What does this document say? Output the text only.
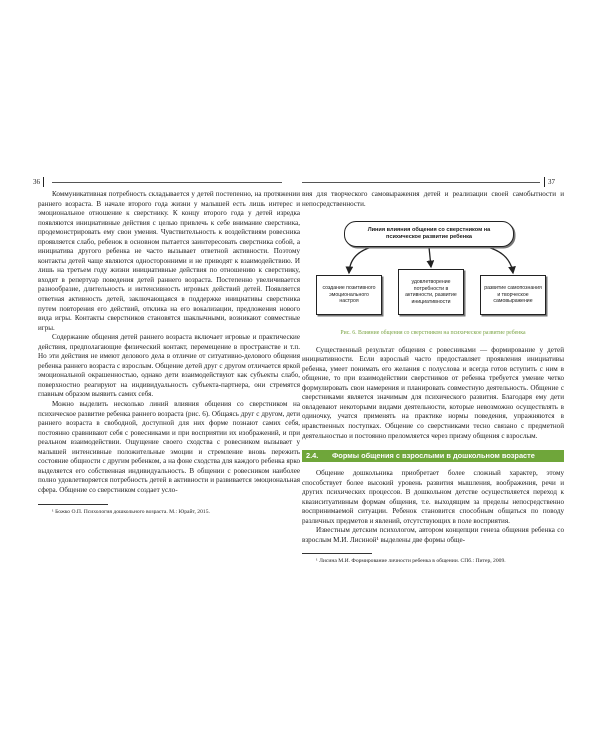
36	37

Коммуникативная потребность складывается у детей постепенно, на протяжении раннего возраста. В начале второго года жизни у малышей есть лишь интерес и эмоциональное отношение к сверстнику. К концу второго года у детей изредка появляются инициативные действия с целью привлечь к себе внимание сверстника, продемонстрировать ему свои умения. Чувствительность к воздействиям ровесника проявляется слабо, ребенок в основном пытается заинтересовать сверстника собой, а инициатива другого ребенка не часто вызывает ответной активности. Поэтому контакты детей чаще являются односторонними и не приводят к взаимодействию. И лишь на третьем году жизни инициативные действия по отношению к сверстнику, входят в репертуар поведения детей раннего возраста. Постепенно увеличивается разнообразие, длительность и интенсивность игровых действий детей. Появляется ответная активность детей, заключающаяся в поддержке инициативы сверстника путем повторения его действий, отклика на его вокализации, предложения нового вида игры. Контакты сверстников становятся шаклычными, возникают совместные игры.

Содержание общения детей раннего возраста включает игровые и практические действия, предполагающие физический контакт, перемещение в пространстве и т.п. Но эти действия не имеют делового дела в отличие от ситуативно-делового общения ребенка раннего возраста с взрослым. Общение детей друг с другом отличается яркой эмоциональной окрашенностью, однако дети взаимодействуют как субъекты слабо, поверхностно реагируют на индивидуальность субъекта-партнера, они стремятся главным образом выявить самих себя.

Можно выделить несколько линий влияния общения со сверстником на психическое развитие ребенка раннего возраста (рис. 6). Общаясь друг с другом, дети раннего возраста в свободной, доступной для них форме познают самих себя, постоянно сравнивают себя с ровесниками и при восприятии их изображений, и при реальном взаимодействии. Ощущение своего сходства с ровесником вызывает у малышей интенсивные положительные эмоции и стремление вновь пережить состояние общности с другим ребенком, а на фоне сходства для каждого ребенка ярко выделяется его собственная индивидуальность. В общении с ровесником наиболее полно удовлетворяется потребность детей в активности и развивается эмоциональная сфера. Общение со сверстником создает усло-

¹ Божко О.П. Психология дошкольного возраста. М.: Юрайт, 2015.

вия для творческого самовыражения детей и реализации своей самобытности и непосредственности.

Линия влияния общения со сверстником на психическое развитие ребенка
создание позитивного эмоционального настроя
удовлетворение потребности в активности, развитие инициативности
развитие самопознания и творческое самовыражение

Рис. 6. Влияние общения со сверстником на психическое развитие ребенка

Существенный результат общения с ровесниками — формирование у детей инициативности. Если взрослый часто предоставляет проявления инициативы ребенка, умеет понимать его желания с полуслова и всегда готов вступить с ним в общение, то при взаимодействии сверстников от ребенка требуется умение четко формулировать свои намерения и планировать совместную деятельность. Общение с сверстниками является значимым для психического развития. Благодаря ему дети овладевают некоторыми видами деятельности, которые невозможно осуществлять в одиночку, учатся применять на практике нормы поведения, упражняются в нравственных поступках. Общение со сверстниками тесно связано с предметной деятельностью и постоянно преломляется через призму общения с взрослым.

2.4.	Формы общения с взрослыми в дошкольном возрасте

Общение дошкольника приобретает более сложный характер, этому способствует более высокий уровень развития мышления, воображения, речи и других психических процессов. В дошкольном детстве осуществляется переход к квазиситуативным формам общения, т.е. выходящим за пределы непосредственно воспринимаемой ситуации. Ребенок становится способным общаться по поводу различных предметов и явлений, отсутствующих в поле восприятия.

Известным детским психологом, автором концепции генеза общения ребенка со взрослым М.И. Лисиной¹ выделены две формы обще-

¹ Лисина М.И. Формирование личности ребенка в общении. СПб.: Питер, 2009.
